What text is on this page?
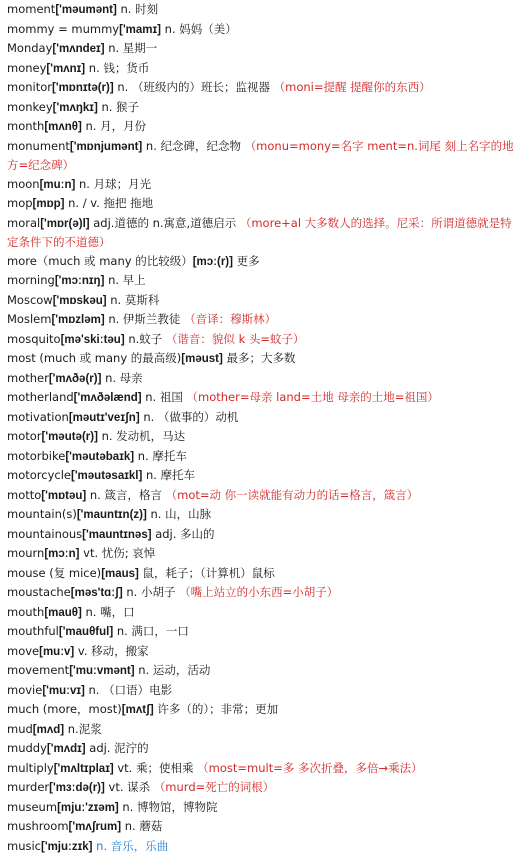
moment['məumənt] n. 时刻
mommy = mummy['mamɪ] n. 妈妈（美）
Monday['mʌndeɪ] n. 星期一
money['mʌnɪ] n. 钱；货币
monitor['mɒnɪtə(r)] n. （班级内的）班长；监视器 （moni=提醒 提醒你的东西）
monkey['mʌŋkɪ] n. 猴子
month[mʌnθ] n. 月，月份
monument['mɒnjumənt] n. 纪念碑，纪念物 （monu=mony=名字 ment=n.词尾 刻上名字的地方=纪念碑）
moon[muːn] n. 月球；月光
mop[mɒp] n. / v. 拖把 拖地
moral['mɒr(ə)l] adj.道德的 n.寓意,道德启示 （more+al 大多数人的选择。尼采：所谓道德就是特定条件下的不道德）
more（much 或 many 的比较级）[mɔː(r)] 更多
morning['mɔːnɪŋ] n. 早上
Moscow['mɒskəu] n. 莫斯科
Moslem['mɒzləm] n. 伊斯兰教徒 （音译：穆斯林）
mosquito[mə'skiːtəu] n.蚊子 （谐音：貌似 k 头=蚊子）
most (much 或 many 的最高级)[məust] 最多；大多数
mother['mʌðə(r)] n. 母亲
motherland['mʌðəlænd] n. 祖国 （mother=母亲 land=土地 母亲的土地=祖国）
motivation[məutɪ'veɪʃn] n. （做事的）动机
motor['məutə(r)] n. 发动机，马达
motorbike['məutəbaɪk] n. 摩托车
motorcycle['məutəsaɪkl] n. 摩托车
motto['mɒtəu] n. 箴言，格言 （mot=动 你一读就能有动力的话=格言，箴言）
mountain(s)['mauntɪn(z)] n. 山，山脉
mountainous['mauntɪnəs] adj. 多山的
mourn[mɔːn] vt. 忧伤; 哀悼
mouse (复 mice)[maus] 鼠，耗子；（计算机）鼠标
moustache[məs'tɑːʃ] n. 小胡子 （嘴上站立的小东西=小胡子）
mouth[mauθ] n. 嘴，口
mouthful['mauθful] n. 满口，一口
move[muːv] v. 移动，搬家
movement['muːvmənt] n. 运动，活动
movie['muːvɪ] n. （口语）电影
much (more，most)[mʌtʃ] 许多（的）；非常；更加
mud[mʌd] n.泥浆
muddy['mʌdɪ] adj. 泥泞的
multiply['mʌltɪplaɪ] vt. 乘；使相乘 （most=mult=多 多次折叠，多倍→乘法）
murder['mɜːdə(r)] vt. 谋杀 （murd=死亡的词根）
museum[mjuː'zɪəm] n. 博物馆，博物院
mushroom['mʌʃrum] n. 蘑菇
music['mjuːzɪk] n. 音乐，乐曲
